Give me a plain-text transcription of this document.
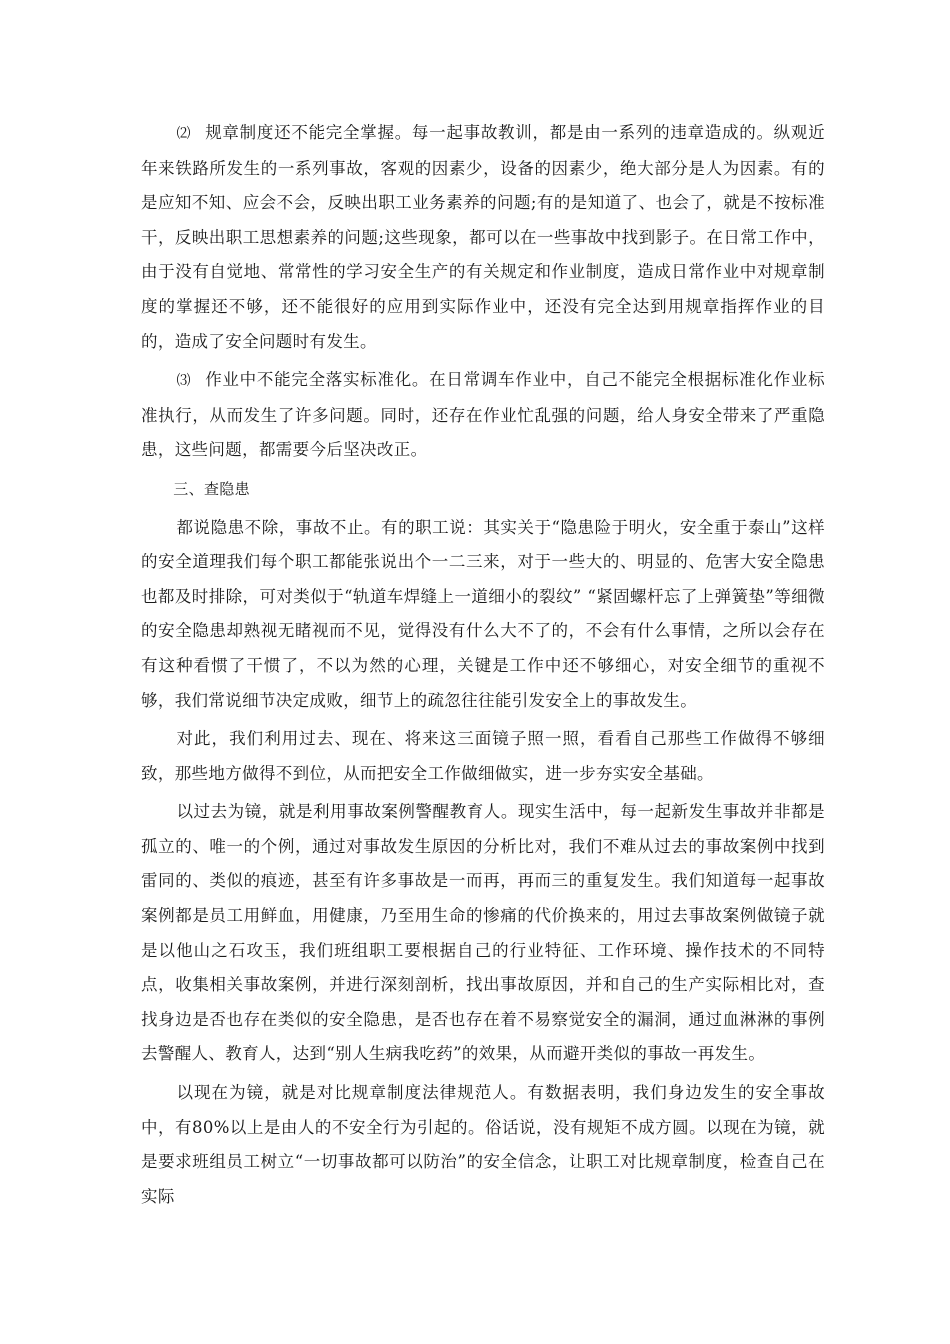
⑵ 规章制度还不能完全掌握。每一起事故教训，都是由一系列的违章造成的。纵观近年来铁路所发生的一系列事故，客观的因素少，设备的因素少，绝大部分是人为因素。有的是应知不知、应会不会，反映出职工业务素养的问题;有的是知道了、也会了，就是不按标准干，反映出职工思想素养的问题;这些现象，都可以在一些事故中找到影子。在日常工作中，由于没有自觉地、常常性的学习安全生产的有关规定和作业制度，造成日常作业中对规章制度的掌握还不够，还不能很好的应用到实际作业中，还没有完全达到用规章指挥作业的目的，造成了安全问题时有发生。

⑶ 作业中不能完全落实标准化。在日常调车作业中，自己不能完全根据标准化作业标准执行，从而发生了许多问题。同时，还存在作业忙乱强的问题，给人身安全带来了严重隐患，这些问题，都需要今后坚决改正。

三、查隐患

都说隐患不除，事故不止。有的职工说：其实关于“隐患险于明火，安全重于泰山”这样的安全道理我们每个职工都能张说出个一二三来，对于一些大的、明显的、危害大安全隐患也都及时排除，可对类似于“轨道车焊缝上一道细小的裂纹” “紧固螺杆忘了上弹簧垫”等细微的安全隐患却熟视无睹视而不见，觉得没有什么大不了的，不会有什么事情，之所以会存在有这种看惯了干惯了，不以为然的心理，关键是工作中还不够细心，对安全细节的重视不够，我们常说细节决定成败，细节上的疏忽往往能引发安全上的事故发生。

对此，我们利用过去、现在、将来这三面镜子照一照，看看自己那些工作做得不够细致，那些地方做得不到位，从而把安全工作做细做实，进一步夯实安全基础。

以过去为镜，就是利用事故案例警醒教育人。现实生活中，每一起新发生事故并非都是孤立的、唯一的个例，通过对事故发生原因的分析比对，我们不难从过去的事故案例中找到雷同的、类似的痕迹，甚至有许多事故是一而再，再而三的重复发生。我们知道每一起事故案例都是员工用鲜血，用健康，乃至用生命的惨痛的代价换来的，用过去事故案例做镜子就是以他山之石攻玉，我们班组职工要根据自己的行业特征、工作环境、操作技术的不同特点，收集相关事故案例，并进行深刻剖析，找出事故原因，并和自己的生产实际相比对，查找身边是否也存在类似的安全隐患，是否也存在着不易察觉安全的漏洞，通过血淋淋的事例去警醒人、教育人，达到“别人生病我吃药”的效果，从而避开类似的事故一再发生。

以现在为镜，就是对比规章制度法律规范人。有数据表明，我们身边发生的安全事故中，有80%以上是由人的不安全行为引起的。俗话说，没有规矩不成方圆。以现在为镜，就是要求班组员工树立“一切事故都可以防治”的安全信念，让职工对比规章制度，检查自己在实际
